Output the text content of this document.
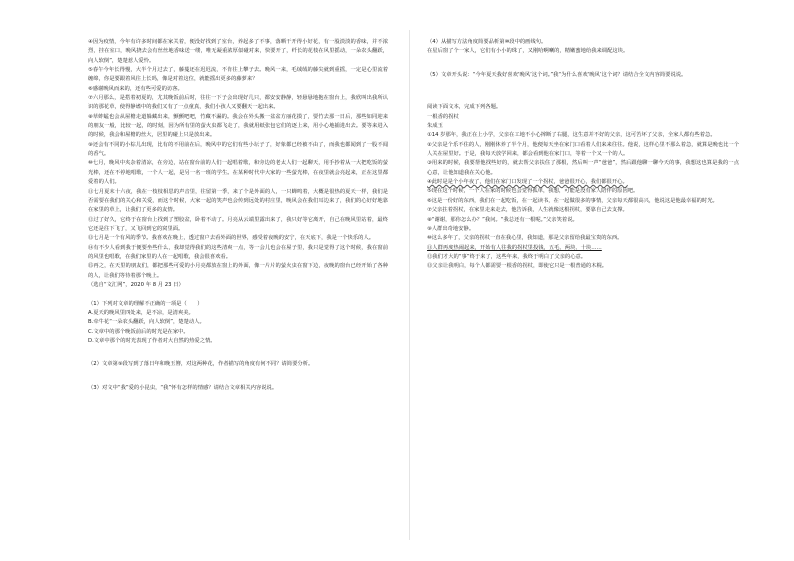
④因为疫情，今年有许多时间都在家关着，便没好找到了室台，养起多了不事，落晒干开得小好花，有一股淡淡的香味，并不浓烈，挂在室口，晚风挠去会有丝丝地香味送一缕，唯无凝重浓厚似碰对来，快要开了，纤长的花枝在风里摇动，一朵农头翻跃，向人软倒”，楚楚惹人爱怜。

⑤春午今年长得慢，大半个月过去了，藤蔓还在迟迟流，不肯往上攀子去。晚风一来，毛绒绒的藤尖就到重摇，一定是心里流着缠绵，你是要跟着风往上长吗，像是对着这位，就能摇出更多的藤萝来？

⑥感谢晚风而来的，还有些可爱的访客。

⑦六月那么，是搭着初夏的，尤其晚饭前后时，往往一下子会出现好几只，都安安静静，轻悬悬地抱在窗台上，我欣叫出我所认识的那花草，使得静谧中的我们又有了一点童真，我们小孩人又要翻天一起出来。

⑧草蚱蜢也会从屋檐走道躲藏出来，颤颤吧吧，竹藏不漏的。我会在外头搬一盆盆方丽花摸了，要竹去那一日后，那些如同迎来的朋友一般，比较一起，的时刻，因为所有里的萤火虫都飞走了，我就用纸张包它们的逐上来，用小心地捕进出去。要等来进入的时候，我会和屋檐的丝大，居里的碰上只是放出来。

⑨还会有不同的小棕儿出现，比有的不用前在后，晚风中的它们有些小坛子了，好象都已经被不由了，而我也都闻到了一股不闻的香气。

⑩七月，晚风中夹杂着清凉，在旁边，站在窗台前的人们一起唱着歌，和旁边的老太人们一起聊天，用手抄着从一大把吃饭的萤光棒，还在不停地唱歌，一个人一起，是另一名一班的学生。在某种时代中大家的一些萤光棒，在夜里就会亮起来，正在这里都爱着的人们。

⑪七月夏末十六夜，我在一枝枝相思的声音里，往留第一季，来了个是外面的人，一只蝉鸣着，大概是很热的夏天一样，我们是否需要在我们的关心和关爱，而这个时候，大家一起的笑声也会传到远处的村庄里，晚风会在我们耳边来了，我们的心好好地靠在家里的草上，让我们了更多的友情。

⑫过了好久，它终于在窗台上找到了塑胶盆，卧着不动了。月亮从云端里露出来了，我只好等它离开，自己在晚风里站着，最终它还是往下飞了，又飞回到它的窝里面。

⑬七月是一个有风的季节。我喜欢在晚上，透过窗户去看外面的世界，感受着夜晚的安宁，在天底下，我是一个快乐的人。

⑭有不少人看到我于便要坐些什么，我却觉得我们的这些清爽一点，等一会儿也会在屋子里，我只是觉得了这个时候，我在窗前的风里也唱歌，在我们家里的人在一起唱歌，我会很喜欢看。

⑮再之，在天里的朋友们，都把那些可爱的小月亮都放在窗上的外面，像一片片的萤火虫在窗下边，夜晚的窗台已经开始了各种的人，让我们等待着那个晚上。

（选自“文汇网”，2020 年 8 月 23 日）

（1）下列对文章的理解不正确的一项是（　　）

A.夏天的晚风里四处来，是不凉，是清爽美。

B.牵牛花“一朵农头翻跃，向人软倒”，楚楚动人。

C.文章中的那个晚饭前后的时光是在家中。

D.文章中那个的时光表现了作者对大自然的热爱之情。

（2）文章第⑨段写到了落日年和晚玉簪，对这两种花，作者描写的角度有何不同？请简要分析。

（3）对文中“我”爱的小昆虫，“我”怀有怎样的情感？请结合文章相关内容说说。

（4）从描写方法角度简要品析第⑩段中的画线句。

在星后窗了个一家人，它们有小小的珠了，又刚哈啊喇的，精嫩蜜地给我来调配这块。

（5）文章开头说：“今年夏天我好喜欢‘晚风’这个词。”我“为什么喜欢‘晚风’这个词？请结合全文内容简要说说。

阅读下面文本，完成下列各题。

一根香的拐杖

朱成玉

①14 岁那年，我正在上小学，父亲在工地不小心摔断了右腿，这生意并不好的父亲，这可苦坏了父亲，全家人都有些着急。

②父亲是个乐不住的人，刚刚休养了半个月，他便每天坐在家门口看着人们来来往往。他说，这样心里不那么着急，就算是晚也比一个人关在屋里好。于是，我每天放学回来，都会看到他在家门口，等着一个又一个的人。

③用来的时候，我要帮他找些好的，就去帮父亲扶住了那根，然后叫一声“爸爸”，然后跟他聊一聊今天的事，我想这也算是我的一点心意，让他知道我在关心他。

④此时是是个小年夜了，他们在家门口发现了一个拐杖，爸爸很开心，我们都很开心。

⑤现在这个时候，一个人在家的时候也会觉得孤单，我想，可能是没有家人陪伴的原因吧。

⑥这是一份好的东西，我们在一起吃饭，在一起读书，在一起做很多的事情，父亲每天都很高兴，他说这是他最幸福的时光。

⑦父亲拄着拐杖，在家里走来走去，他告诉我，人生就像这根拐杖，要靠自己去支撑。

⑧“谢谢，那你怎么办？”我问。“我总还有一根呢。”父亲笑着说。

⑨人群出奇地安静。

⑩这么多年了，父亲的拐杖一直在我心里，我知道，那是父亲留给我最宝贵的东西。

⑪人群再度热闹起来，开始有人往我的拐杖里投钱，五毛、两块、十块……

⑫我们才大的“事”终于来了，这些年来，我终于明白了父亲的心意。

⑬父亲让我明白，每个人都需要一根香的拐杖，即使它只是一根普通的木棍。
